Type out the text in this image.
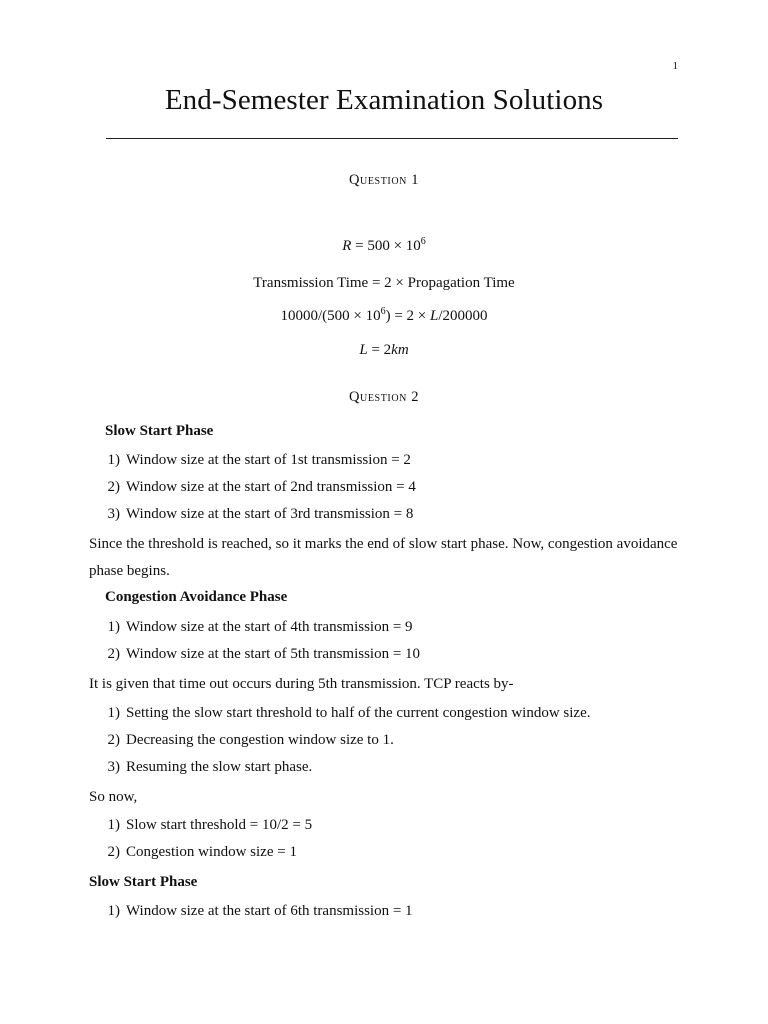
1
End-Semester Examination Solutions
Question 1
$R = 500 \times 10^6$
Transmission Time = 2 × Propagation Time
$10000/(500 \times 10^6) = 2 \times L/200000$
L = 2km
Question 2
Slow Start Phase
1) Window size at the start of 1st transmission = 2
2) Window size at the start of 2nd transmission = 4
3) Window size at the start of 3rd transmission = 8
Since the threshold is reached, so it marks the end of slow start phase. Now, congestion avoidance
phase begins.
Congestion Avoidance Phase
1) Window size at the start of 4th transmission = 9
2) Window size at the start of 5th transmission = 10
It is given that time out occurs during 5th transmission. TCP reacts by-
1) Setting the slow start threshold to half of the current congestion window size.
2) Decreasing the congestion window size to 1.
3) Resuming the slow start phase.
So now,
1) Slow start threshold = 10/2 = 5
2) Congestion window size = 1
Slow Start Phase
1) Window size at the start of 6th transmission = 1
